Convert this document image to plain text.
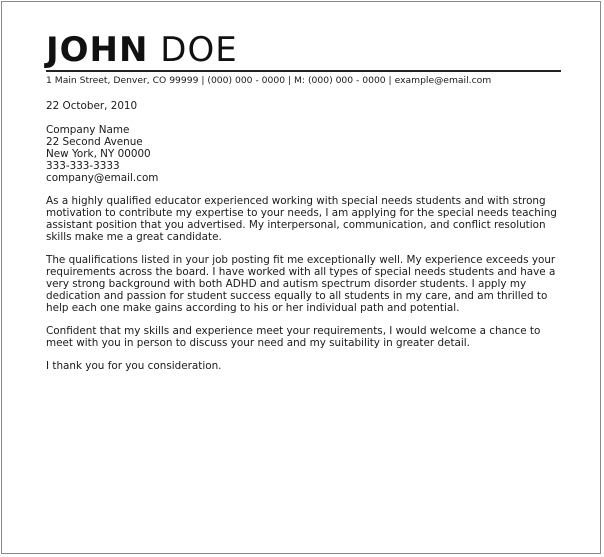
JOHN DOE
1 Main Street, Denver, CO 99999 | (000) 000 - 0000 | M: (000) 000 - 0000 | example@email.com
22 October, 2010
Company Name
22 Second Avenue
New York, NY 00000
333-333-3333
company@email.com
As a highly qualified educator experienced working with special needs students and with strong motivation to contribute my expertise to your needs, I am applying for the special needs teaching assistant position that you advertised. My interpersonal, communication, and conflict resolution skills make me a great candidate.
The qualifications listed in your job posting fit me exceptionally well. My experience exceeds your requirements across the board. I have worked with all types of special needs students and have a very strong background with both ADHD and autism spectrum disorder students. I apply my dedication and passion for student success equally to all students in my care, and am thrilled to help each one make gains according to his or her individual path and potential.
Confident that my skills and experience meet your requirements, I would welcome a chance to meet with you in person to discuss your need and my suitability in greater detail.
I thank you for you consideration.
